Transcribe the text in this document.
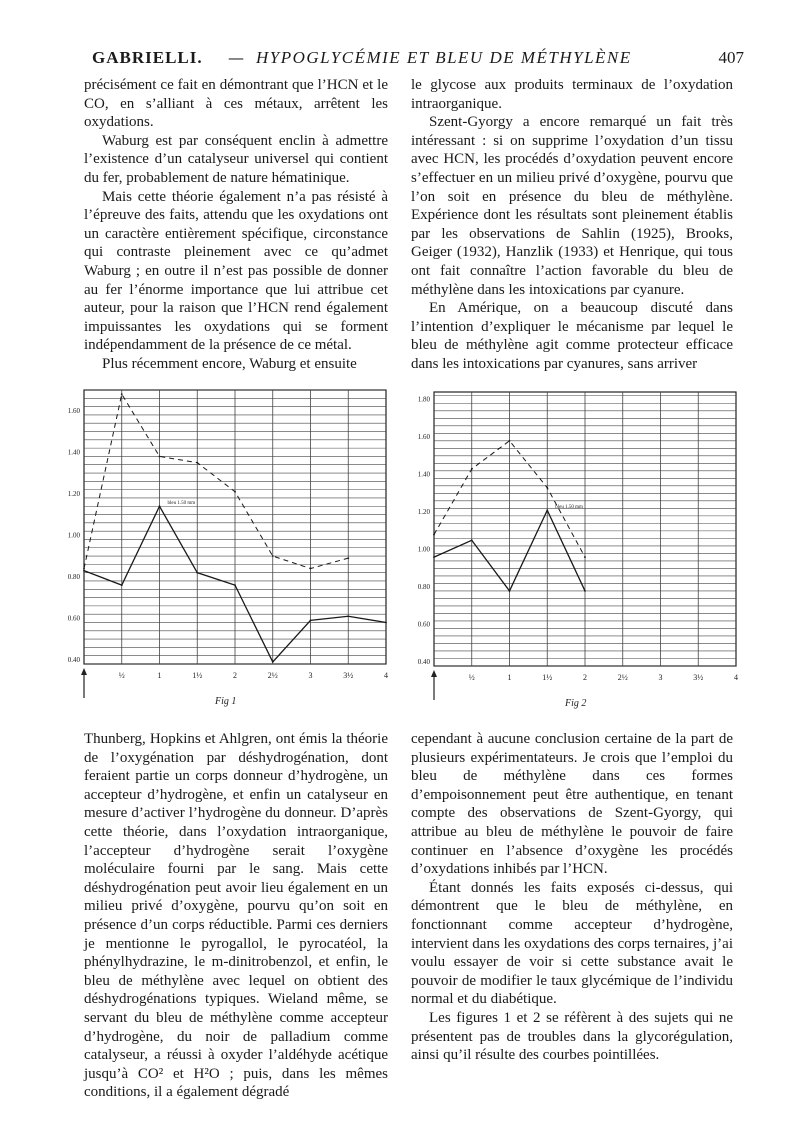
GABRIELLI. — HYPOGLYCÉMIE ET BLEU DE MÉTHYLÈNE	407

précisément ce fait en démontrant que l’HCN et le CO, en s’alliant à ces métaux, arrêtent les oxydations.

Waburg est par conséquent enclin à admettre l’existence d’un catalyseur universel qui contient du fer, probablement de nature hématinique.

Mais cette théorie également n’a pas résisté à l’épreuve des faits, attendu que les oxydations ont un caractère entièrement spécifique, circonstance qui contraste pleinement avec ce qu’admet Waburg ; en outre il n’est pas possible de donner au fer l’énorme importance que lui attribue cet auteur, pour la raison que l’HCN rend également impuissantes les oxydations qui se forment indépendamment de la présence de ce métal.

Plus récemment encore, Waburg et ensuite

le glycose aux produits terminaux de l’oxydation intraorganique.

Szent-Gyorgy a encore remarqué un fait très intéressant : si on supprime l’oxydation d’un tissu avec HCN, les procédés d’oxydation peuvent encore s’effectuer en un milieu privé d’oxygène, pourvu que l’on soit en présence du bleu de méthylène. Expérience dont les résultats sont pleinement établis par les observations de Sahlin (1925), Brooks, Geiger (1932), Hanzlik (1933) et Henrique, qui tous ont fait connaître l’action favorable du bleu de méthylène dans les intoxications par cyanure.

En Amérique, on a beaucoup discuté dans l’intention d’expliquer le mécanisme par lequel le bleu de méthylène agit comme protecteur efficace dans les intoxications par cyanures, sans arriver

0.40
0.60
0.80
1.00
1.20
1.40
1.60
½	1	1½	2	2½	3	3½	4
bleu 1.50 mm
Fig 1
0.40
0.60
0.80
1.00
1.20
1.40
1.60
1.80
½	1	1½	2	2½	3	3½	4
bleu 1.50 mm
Fig 2

Thunberg, Hopkins et Ahlgren, ont émis la théorie de l’oxygénation par déshydrogénation, dont feraient partie un corps donneur d’hydrogène, un accepteur d’hydrogène, et enfin un catalyseur en mesure d’activer l’hydrogène du donneur. D’après cette théorie, dans l’oxydation intraorganique, l’accepteur d’hydrogène serait l’oxygène moléculaire fourni par le sang. Mais cette déshydrogénation peut avoir lieu également en un milieu privé d’oxygène, pourvu qu’on soit en présence d’un corps réductible. Parmi ces derniers je mentionne le pyrogallol, le pyrocatéol, la phénylhydrazine, le m-dinitrobenzol, et enfin, le bleu de méthylène avec lequel on obtient des déshydrogénations typiques. Wieland même, se servant du bleu de méthylène comme accepteur d’hydrogène, du noir de palladium comme catalyseur, a réussi à oxyder l’aldéhyde acétique jusqu’à CO² et H²O ; puis, dans les mêmes conditions, il a également dégradé

cependant à aucune conclusion certaine de la part de plusieurs expérimentateurs. Je crois que l’emploi du bleu de méthylène dans ces formes d’empoisonnement peut être authentique, en tenant compte des observations de Szent-Gyorgy, qui attribue au bleu de méthylène le pouvoir de faire continuer en l’absence d’oxygène les procédés d’oxydations inhibés par l’HCN.

Étant donnés les faits exposés ci-dessus, qui démontrent que le bleu de méthylène, en fonctionnant comme accepteur d’hydrogène, intervient dans les oxydations des corps ternaires, j’ai voulu essayer de voir si cette substance avait le pouvoir de modifier le taux glycémique de l’individu normal et du diabétique.

Les figures 1 et 2 se réfèrent à des sujets qui ne présentent pas de troubles dans la glycorégulation, ainsi qu’il résulte des courbes pointillées.
